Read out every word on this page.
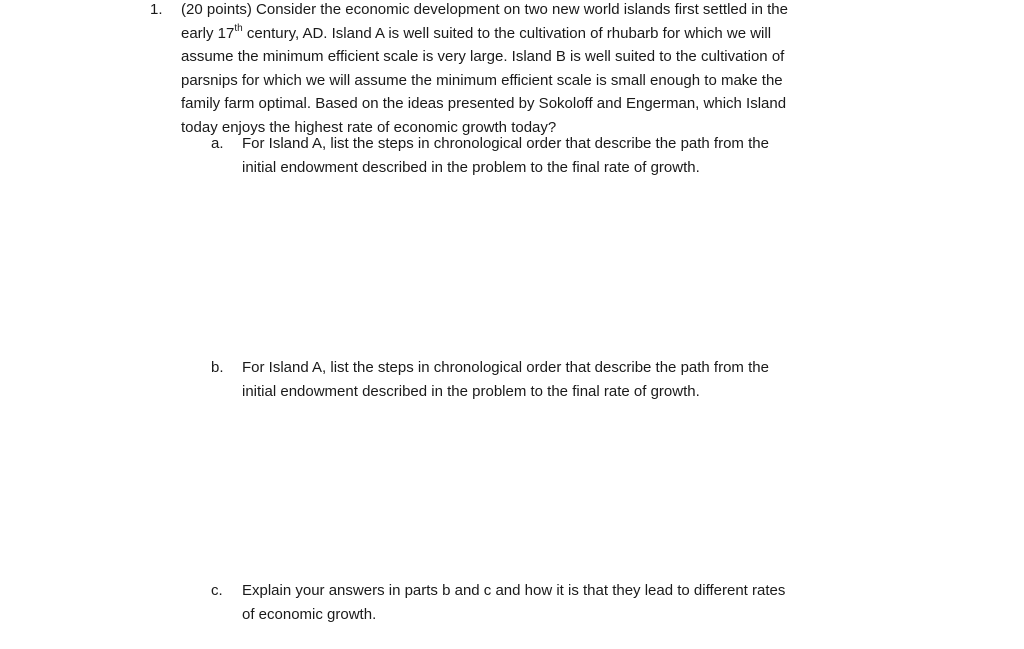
1. (20 points) Consider the economic development on two new world islands first settled in the
early 17th century, AD. Island A is well suited to the cultivation of rhubarb for which we will
assume the minimum efficient scale is very large. Island B is well suited to the cultivation of
parsnips for which we will assume the minimum efficient scale is small enough to make the
family farm optimal. Based on the ideas presented by Sokoloff and Engerman, which Island
today enjoys the highest rate of economic growth today?
a.	For Island A, list the steps in chronological order that describe the path from the
initial endowment described in the problem to the final rate of growth.
b.	For Island A, list the steps in chronological order that describe the path from the
initial endowment described in the problem to the final rate of growth.
c.	Explain your answers in parts b and c and how it is that they lead to different rates
of economic growth.
